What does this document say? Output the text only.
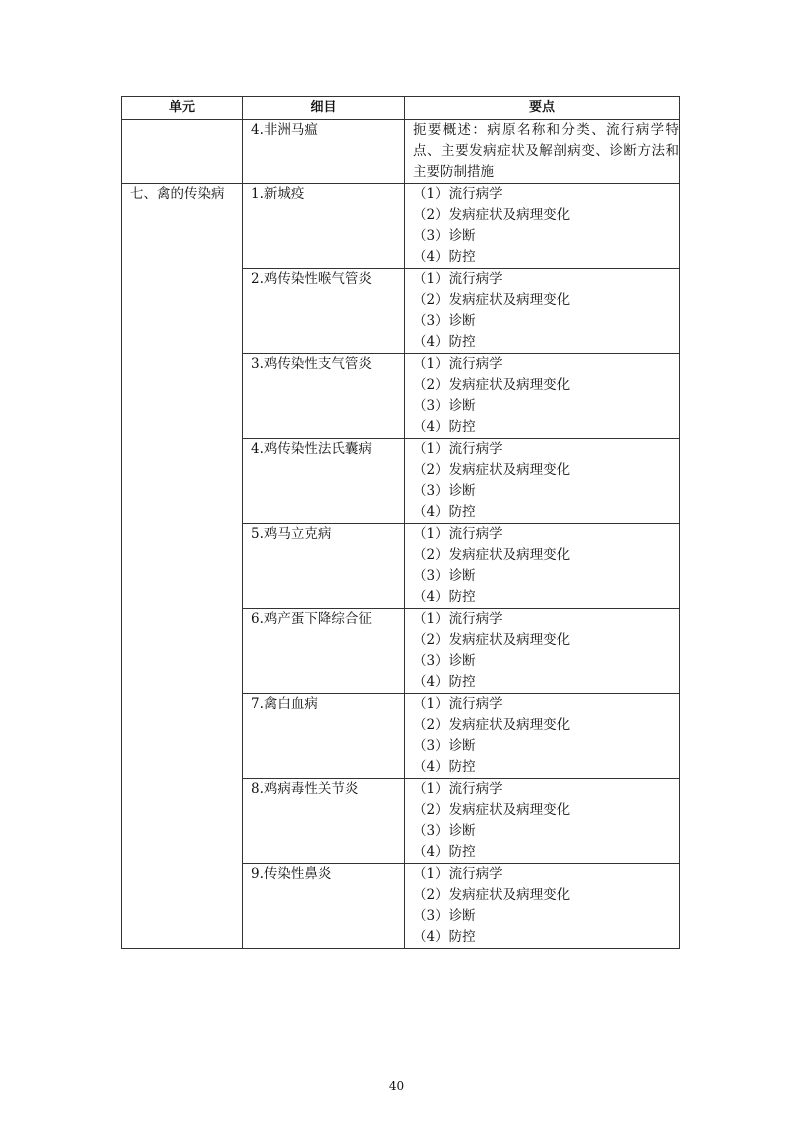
单元	细目	要点
	4.非洲马瘟	扼要概述：病原名称和分类、流行病学特点、主要发病症状及解剖病变、诊断方法和主要防制措施
七、禽的传染病	1.新城疫	（1）流行病学
（2）发病症状及病理变化
（3）诊断
（4）防控

	2.鸡传染性喉气管炎	（1）流行病学
（2）发病症状及病理变化
（3）诊断
（4）防控

	3.鸡传染性支气管炎	（1）流行病学
（2）发病症状及病理变化
（3）诊断
（4）防控

	4.鸡传染性法氏囊病	（1）流行病学
（2）发病症状及病理变化
（3）诊断
（4）防控

	5.鸡马立克病	（1）流行病学
（2）发病症状及病理变化
（3）诊断
（4）防控

	6.鸡产蛋下降综合征	（1）流行病学
（2）发病症状及病理变化
（3）诊断
（4）防控

	7.禽白血病	（1）流行病学
（2）发病症状及病理变化
（3）诊断
（4）防控

	8.鸡病毒性关节炎	（1）流行病学
（2）发病症状及病理变化
（3）诊断
（4）防控

	9.传染性鼻炎	（1）流行病学
（2）发病症状及病理变化
（3）诊断
（4）防控
40
